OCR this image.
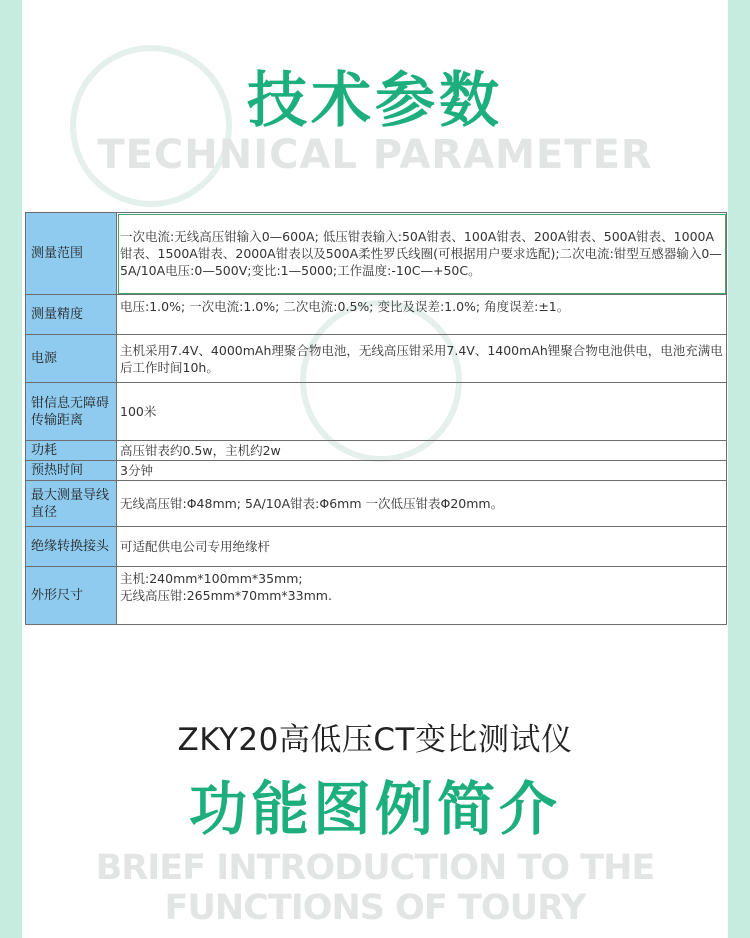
技术参数
TECHNICAL PARAMETER
测量范围	一次电流:无线高压钳输入0—600A; 低压钳表输入:50A钳表、100A钳表、200A钳表、500A钳表、1000A钳表、1500A钳表、2000A钳表以及500A柔性罗氏线圈(可根据用户要求选配);二次电流:钳型互感器输入0—5A/10A电压:0—500V;变比:1—5000;工作温度:-10C—+50C。
测量精度	电压:1.0%; 一次电流:1.0%; 二次电流:0.5%; 变比及误差:1.0%; 角度误差:±1。
电源	主机采用7.4V、4000mAh理聚合物电池，无线高压钳采用7.4V、1400mAh锂聚合物电池供电，电池充满电后工作时间10h。
钳信息无障碍传输距离	100米
功耗	高压钳表约0.5w，主机约2w
预热时间	3分钟
最大测量导线直径	无线高压钳:Φ48mm; 5A/10A钳表:Φ6mm 一次低压钳表Φ20mm。
绝缘转换接头	可适配供电公司专用绝缘杆
外形尺寸	主机:240mm*100mm*35mm;
无线高压钳:265mm*70mm*33mm.
ZKY20高低压CT变比测试仪
功能图例简介
BRIEF INTRODUCTION TO THE FUNCTIONS OF TOURY
